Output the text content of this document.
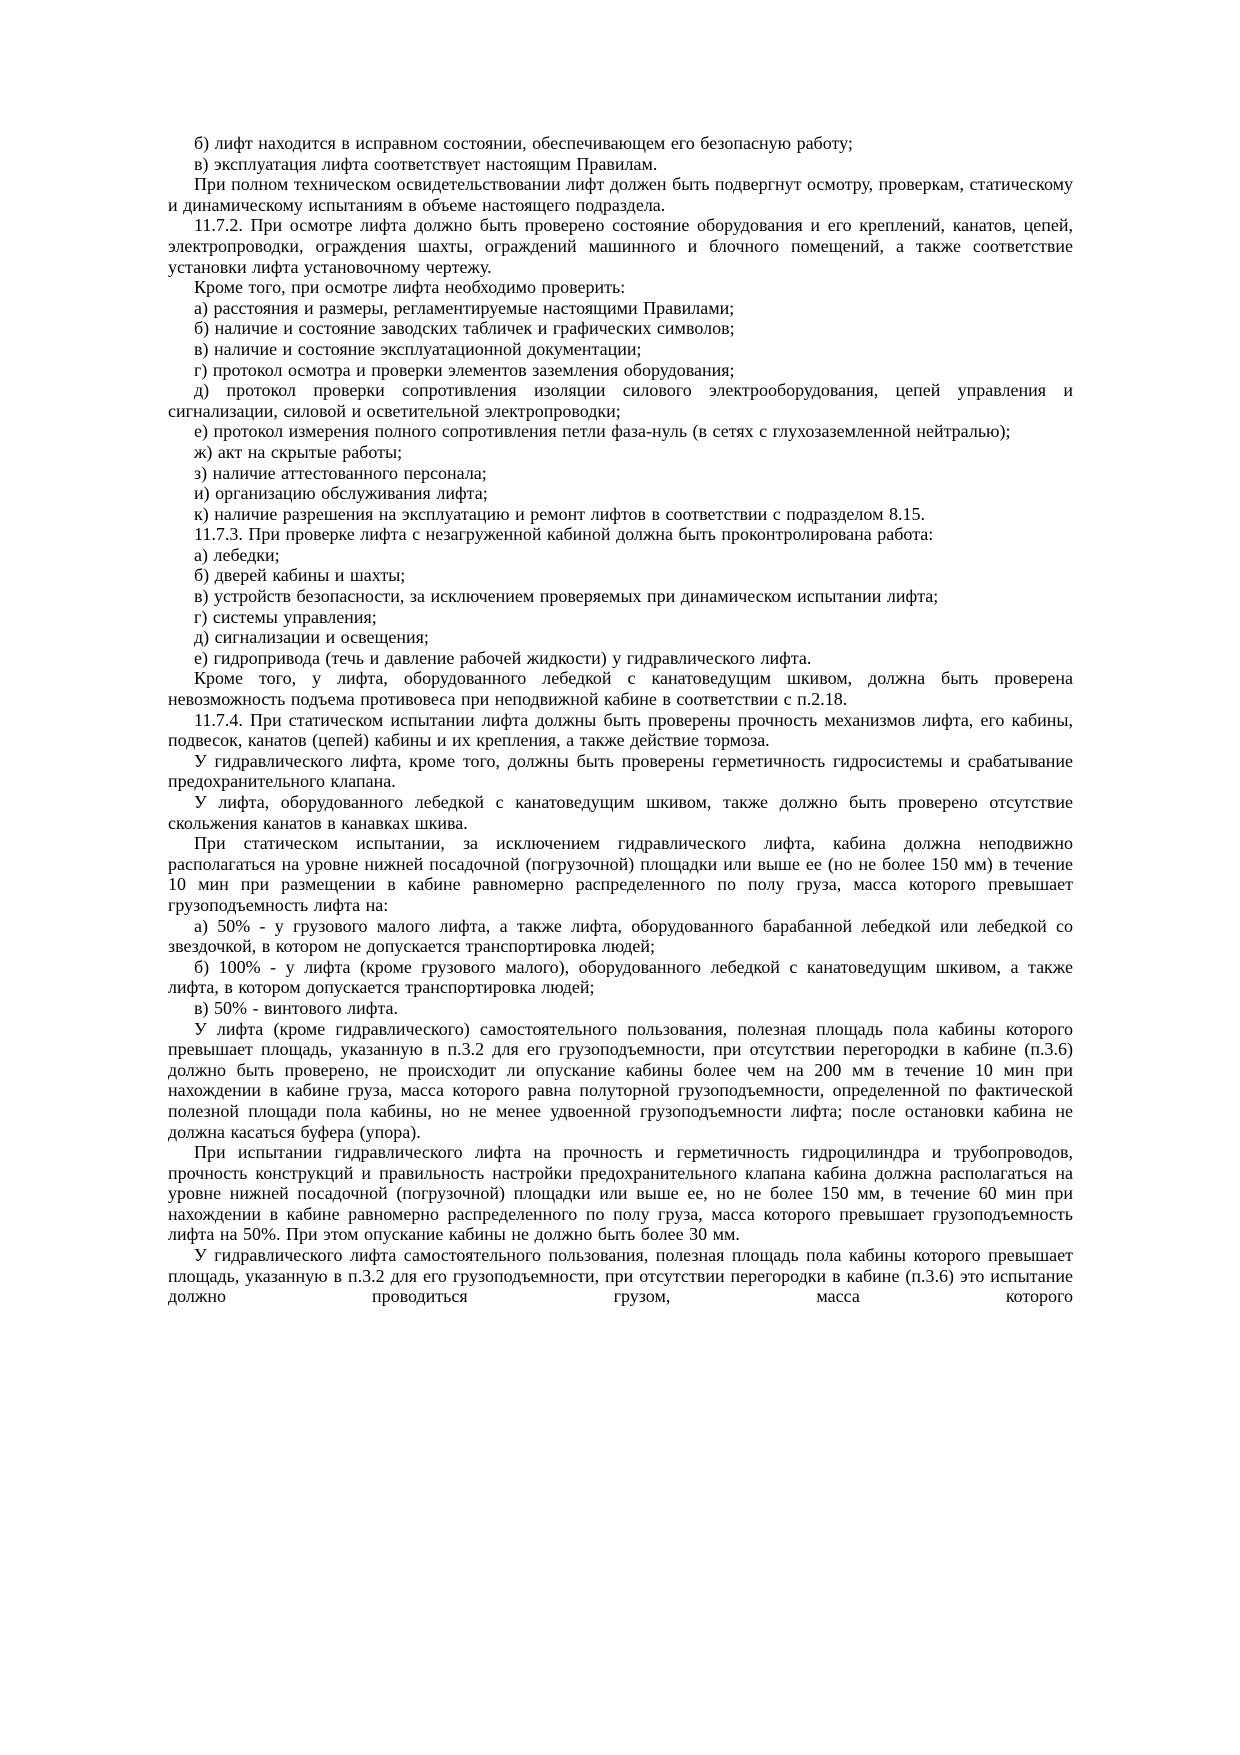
б) лифт находится в исправном состоянии, обеспечивающем его безопасную работу;

в) эксплуатация лифта соответствует настоящим Правилам.

При полном техническом освидетельствовании лифт должен быть подвергнут осмотру, проверкам, статическому и динамическому испытаниям в объеме настоящего подраздела.

11.7.2. При осмотре лифта должно быть проверено состояние оборудования и его креплений, канатов, цепей, электропроводки, ограждения шахты, ограждений машинного и блочного помещений, а также соответствие установки лифта установочному чертежу.

Кроме того, при осмотре лифта необходимо проверить:

а) расстояния и размеры, регламентируемые настоящими Правилами;

б) наличие и состояние заводских табличек и графических символов;

в) наличие и состояние эксплуатационной документации;

г) протокол осмотра и проверки элементов заземления оборудования;

д) протокол проверки сопротивления изоляции силового электрооборудования, цепей управления и сигнализации, силовой и осветительной электропроводки;

е) протокол измерения полного сопротивления петли фаза-нуль (в сетях с глухозаземленной нейтралью);

ж) акт на скрытые работы;

з) наличие аттестованного персонала;

и) организацию обслуживания лифта;

к) наличие разрешения на эксплуатацию и ремонт лифтов в соответствии с подразделом 8.15.

11.7.3. При проверке лифта с незагруженной кабиной должна быть проконтролирована работа:

а) лебедки;

б) дверей кабины и шахты;

в) устройств безопасности, за исключением проверяемых при динамическом испытании лифта;

г) системы управления;

д) сигнализации и освещения;

е) гидропривода (течь и давление рабочей жидкости) у гидравлического лифта.

Кроме того, у лифта, оборудованного лебедкой с канатоведущим шкивом, должна быть проверена невозможность подъема противовеса при неподвижной кабине в соответствии с п.2.18.

11.7.4. При статическом испытании лифта должны быть проверены прочность механизмов лифта, его кабины, подвесок, канатов (цепей) кабины и их крепления, а также действие тормоза.

У гидравлического лифта, кроме того, должны быть проверены герметичность гидросистемы и срабатывание предохранительного клапана.

У лифта, оборудованного лебедкой с канатоведущим шкивом, также должно быть проверено отсутствие скольжения канатов в канавках шкива.

При статическом испытании, за исключением гидравлического лифта, кабина должна неподвижно располагаться на уровне нижней посадочной (погрузочной) площадки или выше ее (но не более 150 мм) в течение 10 мин при размещении в кабине равномерно распределенного по полу груза, масса которого превышает грузоподъемность лифта на:

а) 50% - у грузового малого лифта, а также лифта, оборудованного барабанной лебедкой или лебедкой со звездочкой, в котором не допускается транспортировка людей;

б) 100% - у лифта (кроме грузового малого), оборудованного лебедкой с канатоведущим шкивом, а также лифта, в котором допускается транспортировка людей;

в) 50% - винтового лифта.

У лифта (кроме гидравлического) самостоятельного пользования, полезная площадь пола кабины которого превышает площадь, указанную в п.3.2 для его грузоподъемности, при отсутствии перегородки в кабине (п.3.6) должно быть проверено, не происходит ли опускание кабины более чем на 200 мм в течение 10 мин при нахождении в кабине груза, масса которого равна полуторной грузоподъемности, определенной по фактической полезной площади пола кабины, но не менее удвоенной грузоподъемности лифта; после остановки кабина не должна касаться буфера (упора).

При испытании гидравлического лифта на прочность и герметичность гидроцилиндра и трубопроводов, прочность конструкций и правильность настройки предохранительного клапана кабина должна располагаться на уровне нижней посадочной (погрузочной) площадки или выше ее, но не более 150 мм, в течение 60 мин при нахождении в кабине равномерно распределенного по полу груза, масса которого превышает грузоподъемность лифта на 50%. При этом опускание кабины не должно быть более 30 мм.

У гидравлического лифта самостоятельного пользования, полезная площадь пола кабины которого превышает площадь, указанную в п.3.2 для его грузоподъемности, при отсутствии перегородки в кабине (п.3.6) это испытание должно проводиться грузом, масса которого
